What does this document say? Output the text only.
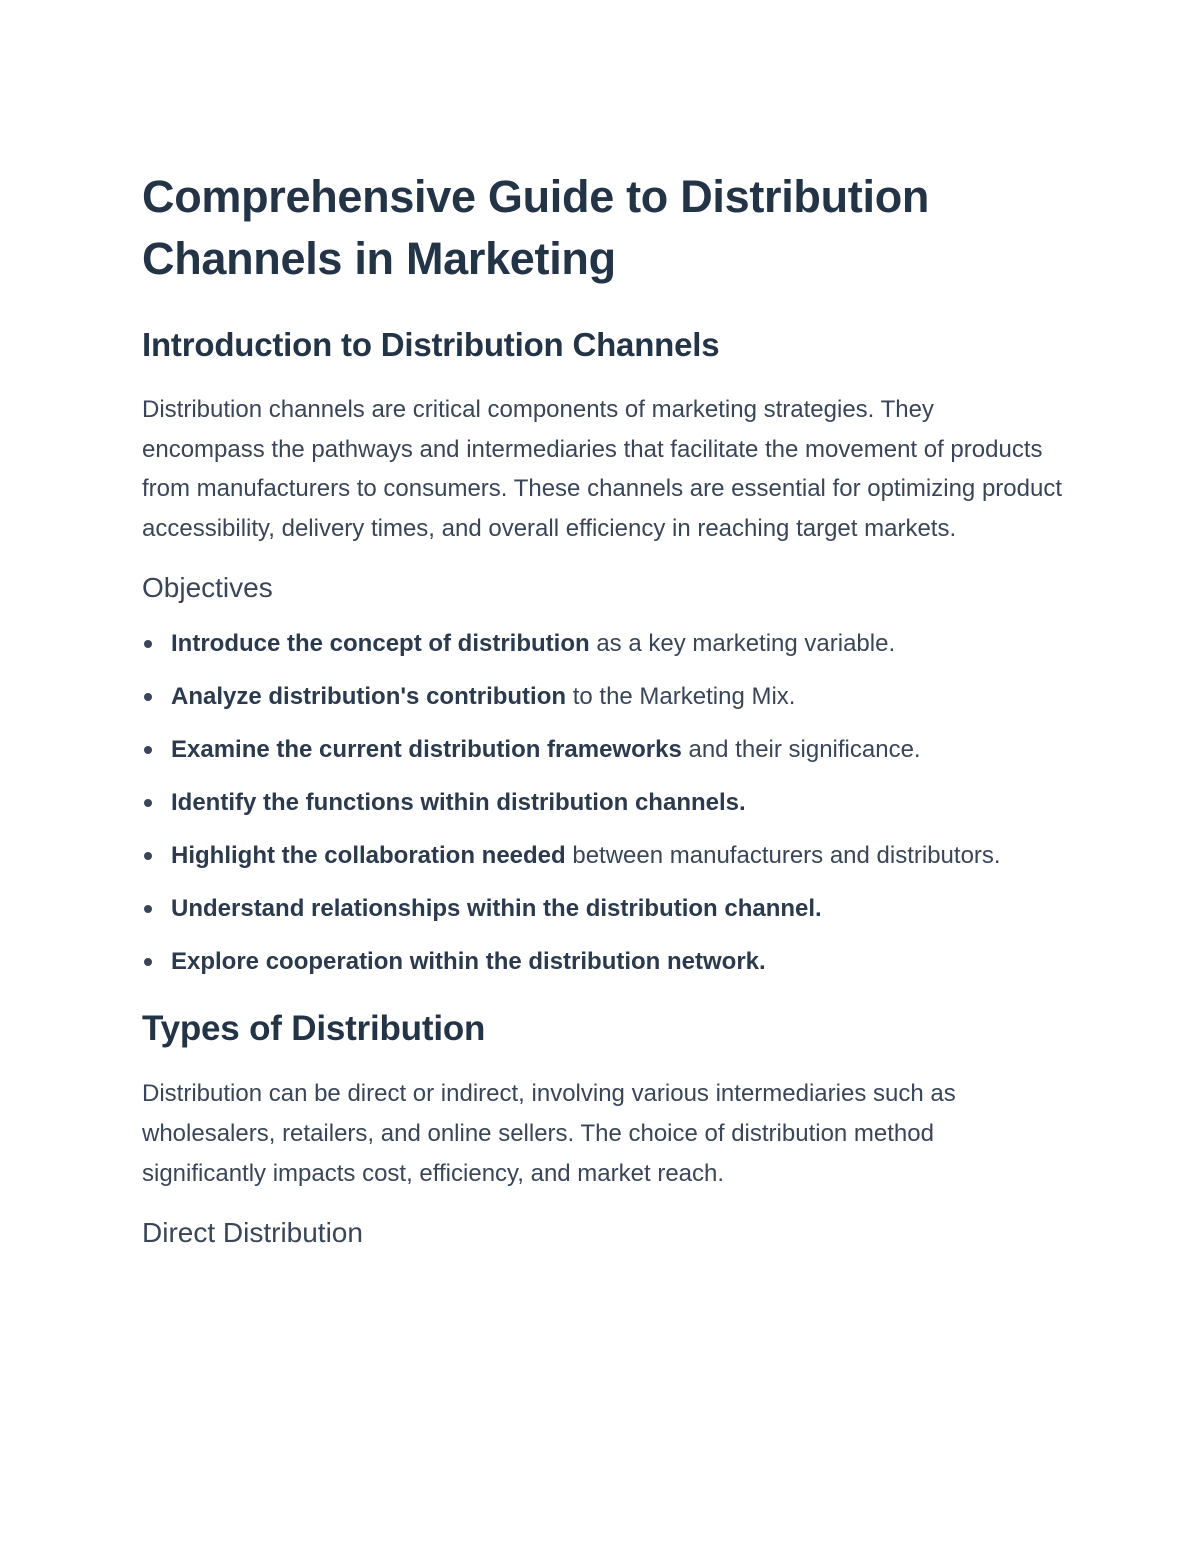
Comprehensive Guide to Distribution
Channels in Marketing
Introduction to Distribution Channels

Distribution channels are critical components of marketing strategies. They encompass the pathways and intermediaries that facilitate the movement of products from manufacturers to consumers. These channels are essential for optimizing product accessibility, delivery times, and overall efficiency in reaching target markets.

Objectives
Introduce the concept of distribution as a key marketing variable.
Analyze distribution's contribution to the Marketing Mix.
Examine the current distribution frameworks and their significance.
Identify the functions within distribution channels.
Highlight the collaboration needed between manufacturers and distributors.
Understand relationships within the distribution channel.
Explore cooperation within the distribution network.
Types of Distribution

Distribution can be direct or indirect, involving various intermediaries such as wholesalers, retailers, and online sellers. The choice of distribution method significantly impacts cost, efficiency, and market reach.

Direct Distribution
